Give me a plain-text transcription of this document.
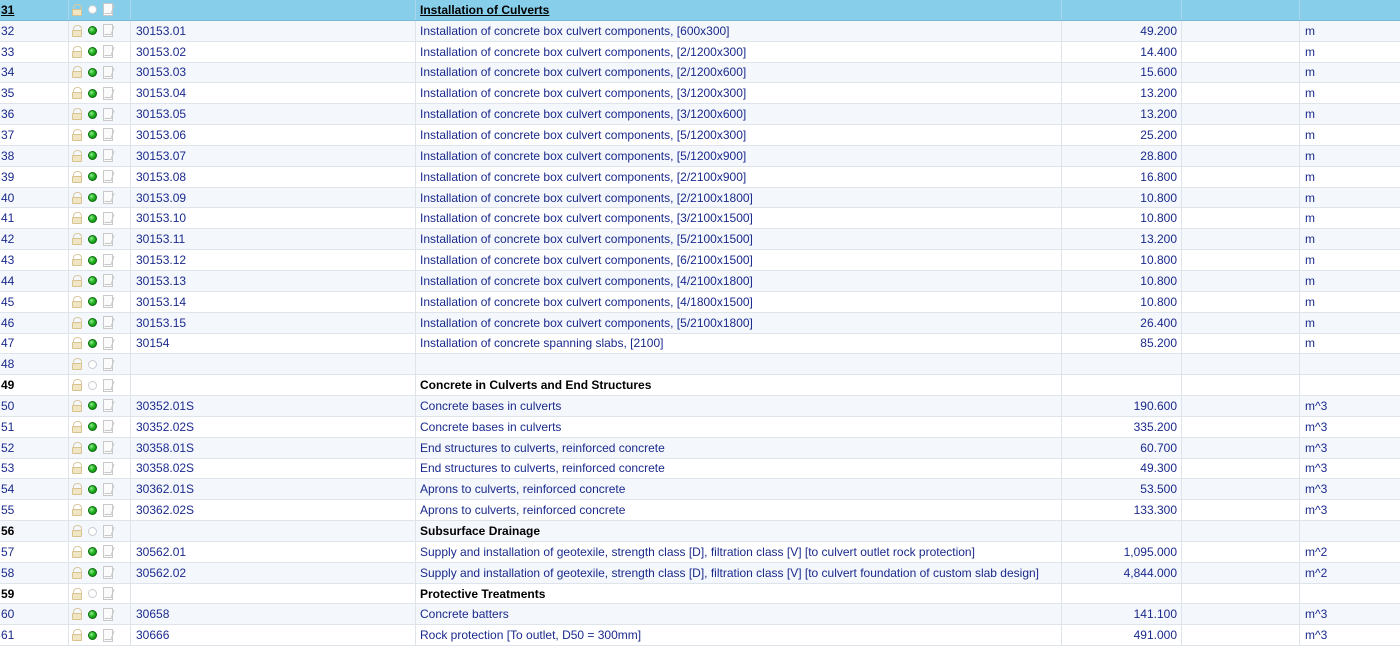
31	Installation of Culverts
32	30153.01	Installation of concrete box culvert components, [600x300]	49.200	m
33	30153.02	Installation of concrete box culvert components, [2/1200x300]	14.400	m
34	30153.03	Installation of concrete box culvert components, [2/1200x600]	15.600	m
35	30153.04	Installation of concrete box culvert components, [3/1200x300]	13.200	m
36	30153.05	Installation of concrete box culvert components, [3/1200x600]	13.200	m
37	30153.06	Installation of concrete box culvert components, [5/1200x300]	25.200	m
38	30153.07	Installation of concrete box culvert components, [5/1200x900]	28.800	m
39	30153.08	Installation of concrete box culvert components, [2/2100x900]	16.800	m
40	30153.09	Installation of concrete box culvert components, [2/2100x1800]	10.800	m
41	30153.10	Installation of concrete box culvert components, [3/2100x1500]	10.800	m
42	30153.11	Installation of concrete box culvert components, [5/2100x1500]	13.200	m
43	30153.12	Installation of concrete box culvert components, [6/2100x1500]	10.800	m
44	30153.13	Installation of concrete box culvert components, [4/2100x1800]	10.800	m
45	30153.14	Installation of concrete box culvert components, [4/1800x1500]	10.800	m
46	30153.15	Installation of concrete box culvert components, [5/2100x1800]	26.400	m
47	30154	Installation of concrete spanning slabs, [2100]	85.200	m
48
49	Concrete in Culverts and End Structures
50	30352.01S	Concrete bases in culverts	190.600	m^3
51	30352.02S	Concrete bases in culverts	335.200	m^3
52	30358.01S	End structures to culverts, reinforced concrete	60.700	m^3
53	30358.02S	End structures to culverts, reinforced concrete	49.300	m^3
54	30362.01S	Aprons to culverts, reinforced concrete	53.500	m^3
55	30362.02S	Aprons to culverts, reinforced concrete	133.300	m^3
56	Subsurface Drainage
57	30562.01	Supply and installation of geotexile, strength class [D], filtration class [V] [to culvert outlet rock protection]	1,095.000	m^2
58	30562.02	Supply and installation of geotexile, strength class [D], filtration class [V] [to culvert foundation of custom slab design]	4,844.000	m^2
59	Protective Treatments
60	30658	Concrete batters	141.100	m^3
61	30666	Rock protection [To outlet, D50 = 300mm]	491.000	m^3
